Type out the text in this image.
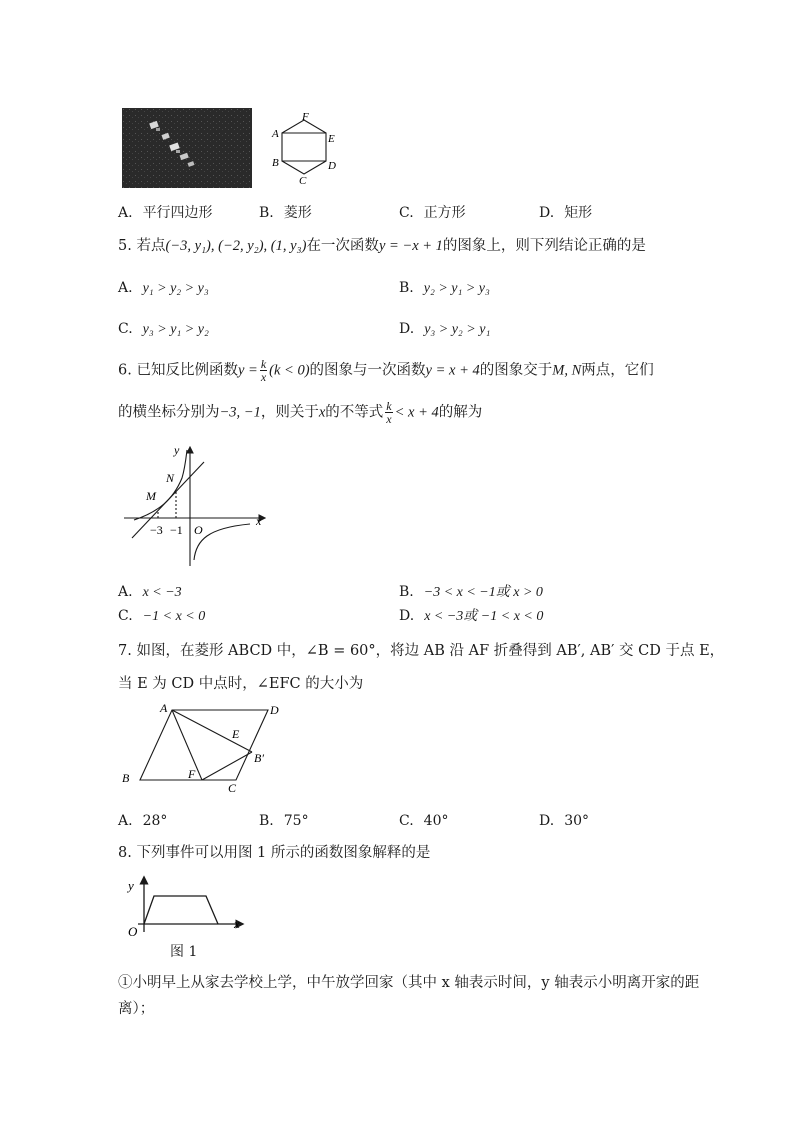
F
A	E
B	D
C
A. 平行四边形	B. 菱形	C. 正方形	D. 矩形
5. 若点(−3, y₁), (−2, y₂), (1, y₃)在一次函数y = −x + 1的图象上，则下列结论正确的是
A. y₁ > y₂ > y₃	B. y₂ > y₁ > y₃
C. y₃ > y₁ > y₂	D. y₃ > y₂ > y₁
6. 已知反比例函数$y = \frac{k}{x} (k < 0)$的图象与一次函数y = x + 4的图象交于M, N两点，它们
的横坐标分别为−3, −1，则关于x的不等式 $\frac{k}{x} < x + 4$的解为
y
N
M
−3 −1 O
x
A. x < −3	B. −3 < x < −1或 x > 0
C. −1 < x < 0	D. x < −3或 −1 < x < 0
7. 如图，在菱形 ABCD 中，∠B = 60°，将边 AB 沿 AF 折叠得到 AB′, AB′ 交 CD 于点 E，
当 E 为 CD 中点时，∠EFC 的大小为
A	D
E
B′
B	F
C
A. 28°	B. 75°	C. 40°	D. 30°
8. 下列事件可以用图 1 所示的函数图象解释的是
y
O
x
图 1
①小明早上从家去学校上学，中午放学回家（其中 x 轴表示时间，y 轴表示小明离开家的距
离）；
